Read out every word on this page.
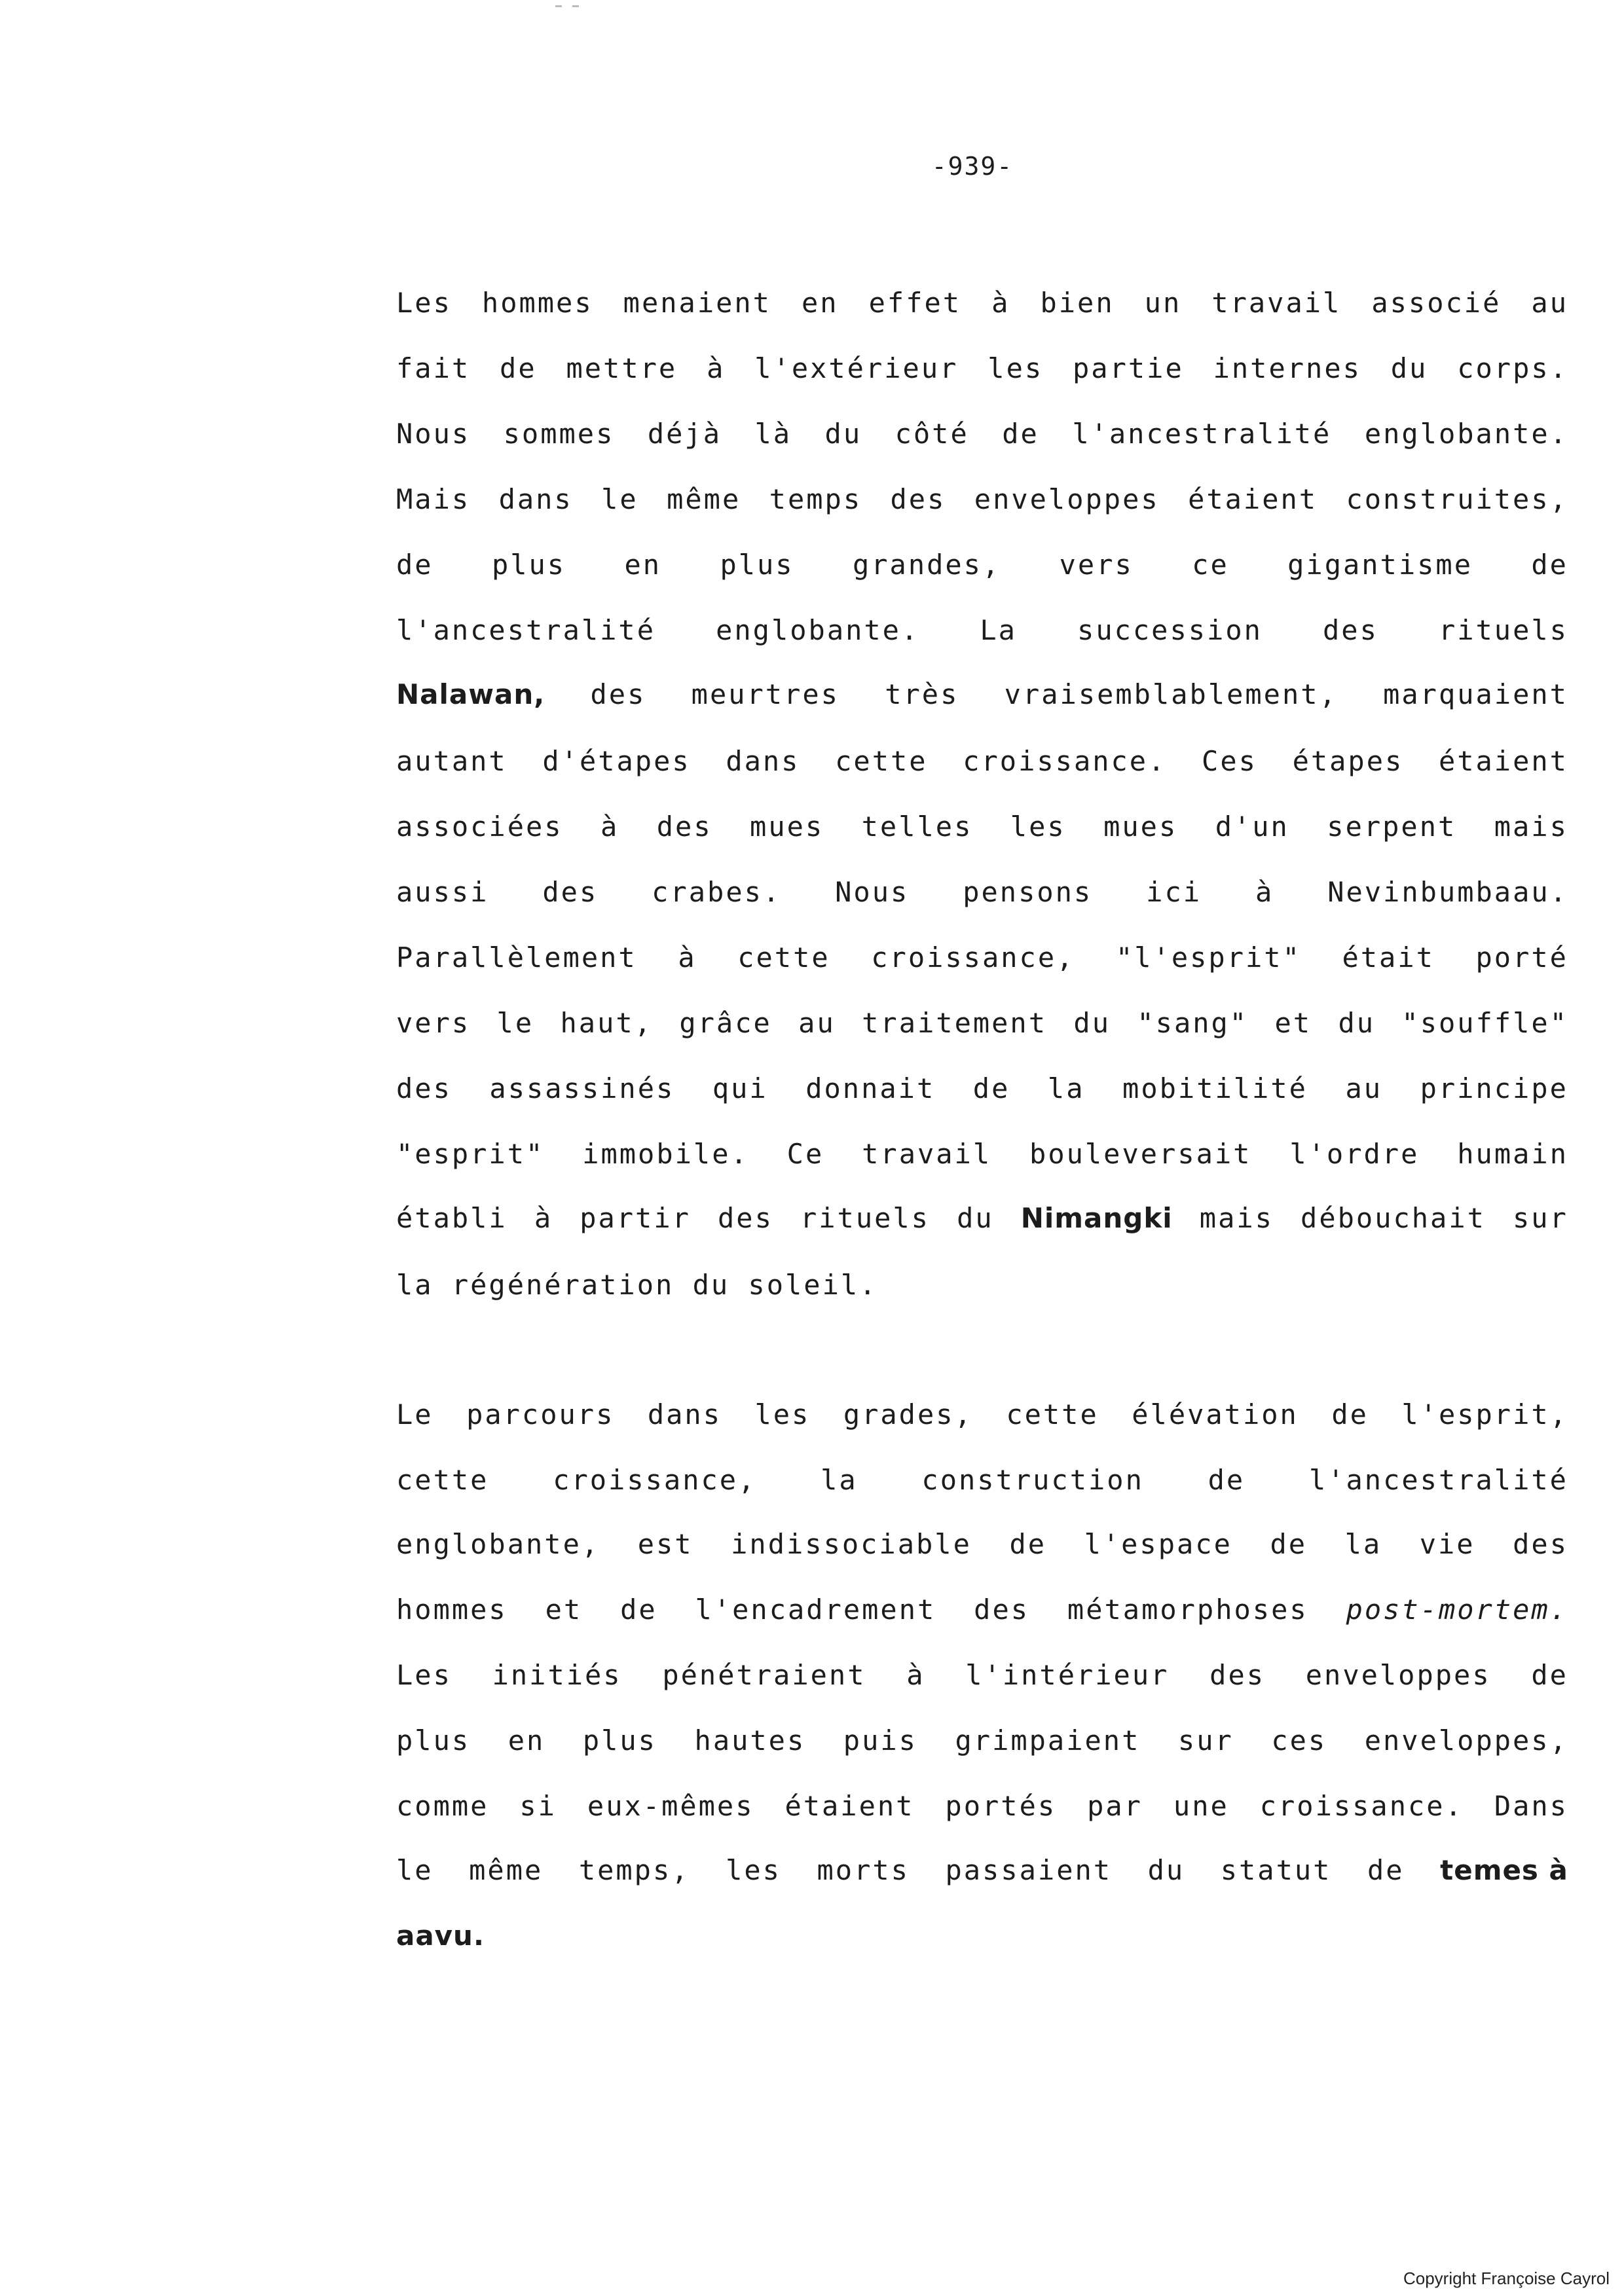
-939-
Les hommes menaient en effet à bien un travail associé au
fait de mettre à l'extérieur les partie internes du corps.
Nous sommes déjà là du côté de l'ancestralité englobante.
Mais dans le même temps des enveloppes étaient construites,
de plus en plus grandes, vers ce gigantisme de
l'ancestralité englobante. La succession des rituels
Nalawan, des meurtres très vraisemblablement, marquaient
autant d'étapes dans cette croissance. Ces étapes étaient
associées à des mues telles les mues d'un serpent mais
aussi des crabes. Nous pensons ici à Nevinbumbaau.
Parallèlement à cette croissance, "l'esprit" était porté
vers le haut, grâce au traitement du "sang" et du "souffle"
des assassinés qui donnait de la mobitilité au principe
"esprit" immobile. Ce travail bouleversait l'ordre humain
établi à partir des rituels du Nimangki mais débouchait sur
la régénération du soleil.
Le parcours dans les grades, cette élévation de l'esprit,
cette croissance, la construction de l'ancestralité
englobante, est indissociable de l'espace de la vie des
hommes et de l'encadrement des métamorphoses post-mortem.
Les initiés pénétraient à l'intérieur des enveloppes de
plus en plus hautes puis grimpaient sur ces enveloppes,
comme si eux-mêmes étaient portés par une croissance. Dans
le même temps, les morts passaient du statut de temes à
aavu.
Copyright Françoise Cayrol
